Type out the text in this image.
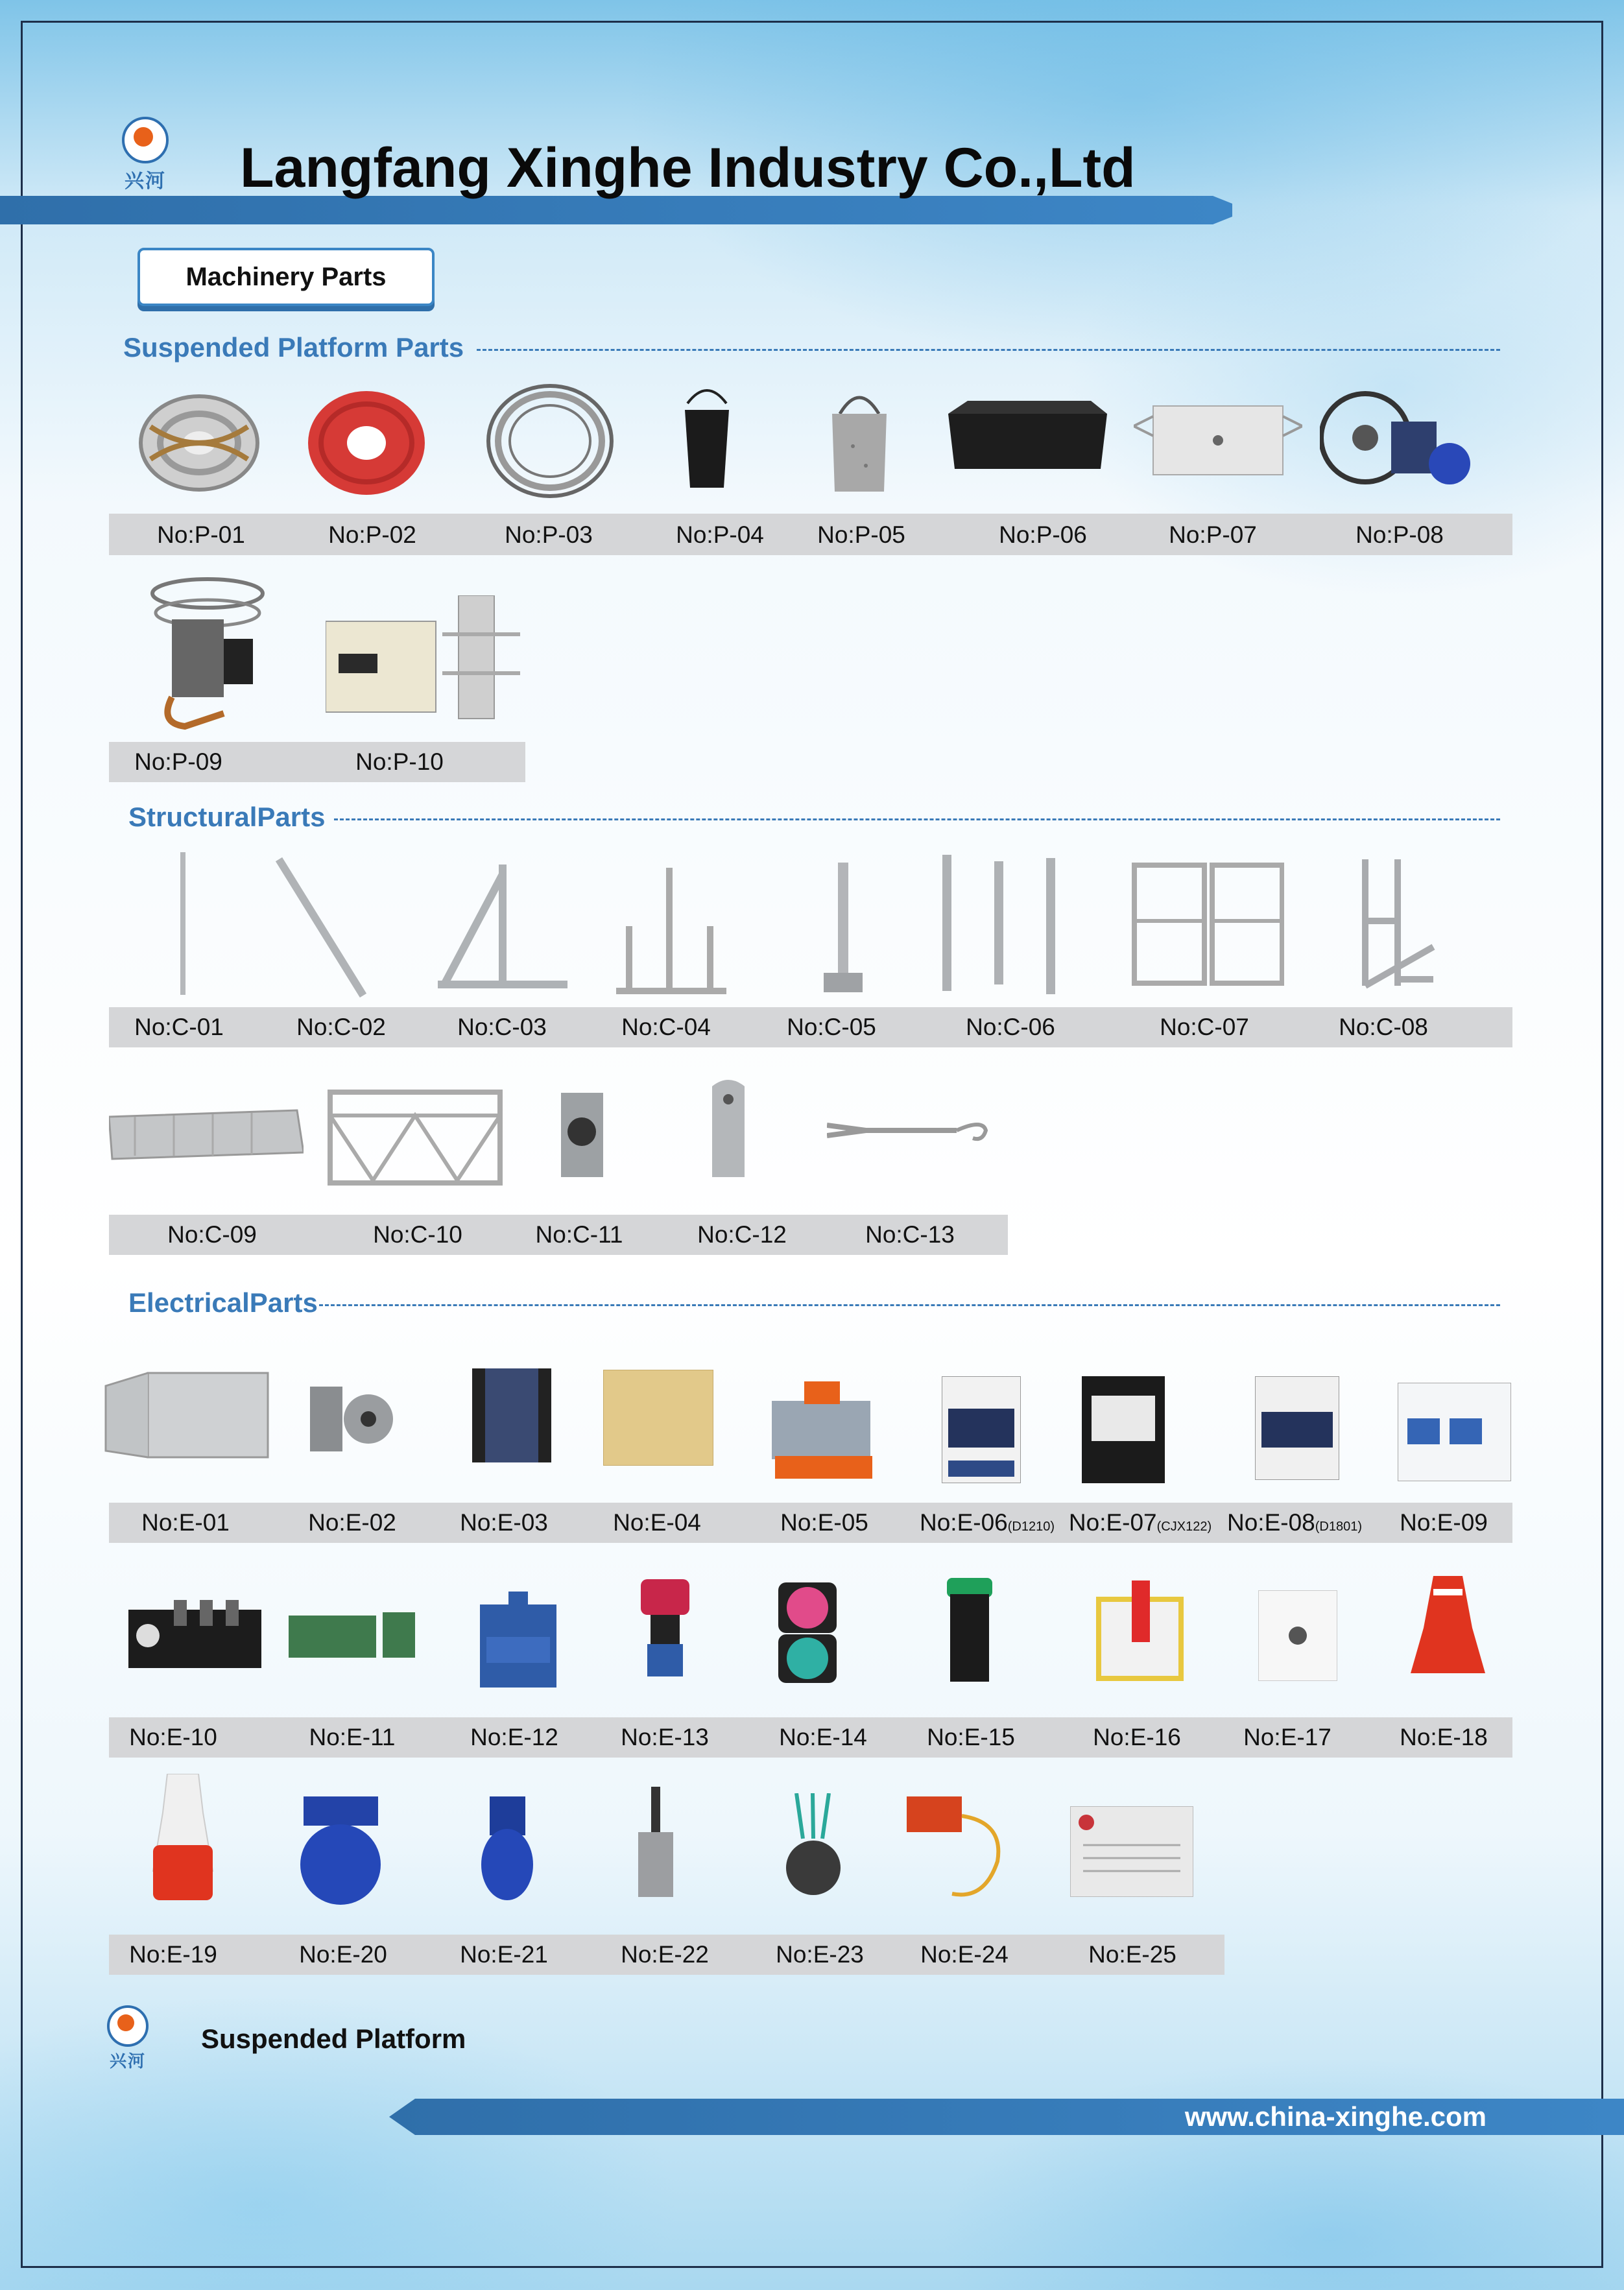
兴河 Langfang Xinghe Industry Co.,Ltd
Machinery Parts
Suspended Platform Parts
No:P-01	No:P-02	No:P-03	No:P-04 No:P-05	No:P-06	No:P-07	No:P-08
No:P-09	No:P-10
StructuralParts
No:C-01	No:C-02	No:C-03	No:C-04	No:C-05	No:C-06	No:C-07	No:C-08
No:C-09	No:C-10	No:C-11	No:C-12	No:C-13
ElectricalParts
No:E-01	No:E-02	No:E-03	No:E-04	No:E-05 No:E-06(D1210) No:E-07(CJX122) No:E-08(D1801) No:E-09
No:E-10	No:E-11	No:E-12	No:E-13	No:E-14 No:E-15	No:E-16	No:E-17	No:E-18
No:E-19	No:E-20	No:E-21	No:E-22	No:E-23 No:E-24	No:E-25
兴河
Suspended Platform
www.china-xinghe.com
